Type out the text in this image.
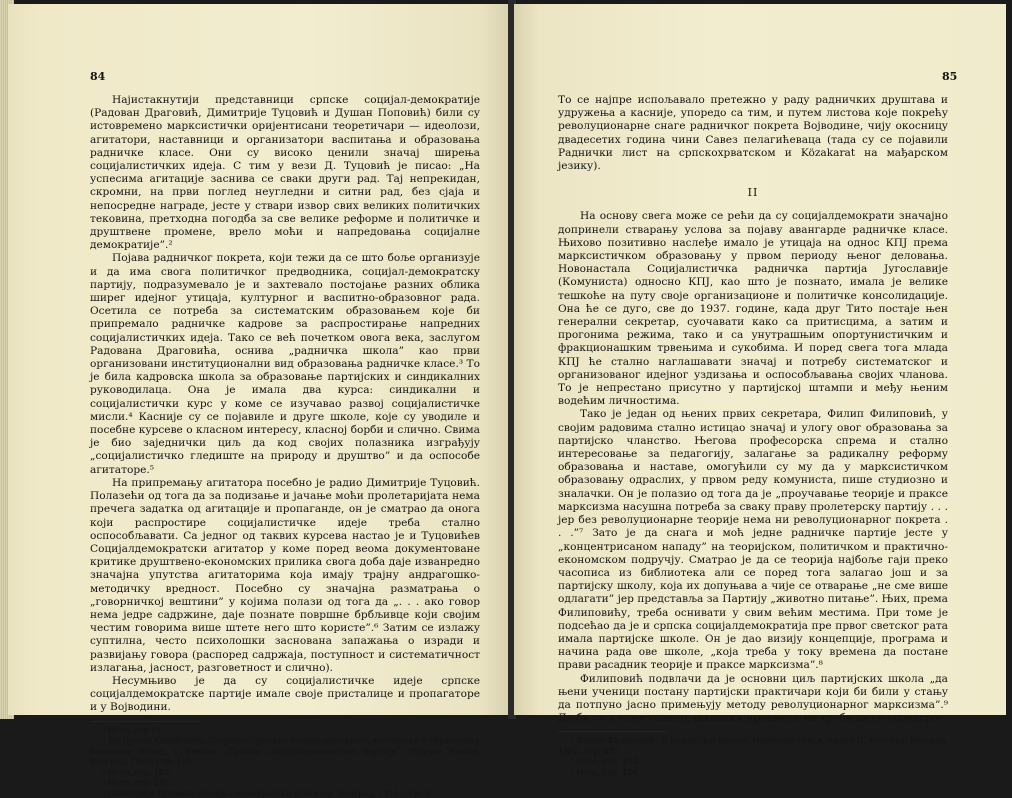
84

Најистакнутији представници српске социјал-демократије (Радован Драговић, Димитрије Туцовић и Душан Поповић) били су истовремено марксистички оријентисани теоретичари — идеолози, агитатори, наставници и организатори васпитања и образовања радничке класе. Они су високо ценили значај ширења социјалистичких идеја. С тим у вези Д. Туцовић је писао: „На успесима агитације заснива се сваки други рад. Тај непрекидан, скромни, на први поглед неугледни и ситни рад, без сјаја и непосредне награде, јесте у ствари извор свих великих политичких тековина, претходна погодба за све велике реформе и политичке и друштвене промене, врело моћи и напредовања социјалне демократије”.²

Појава радничког покрета, који тежи да се што боље организује и да има свога политичког предводника, социјал-демократску партију, подразумевало је и захтевало постојање разних облика ширег идејног утицаја, културног и васпитно-образовног рада. Осетила се потреба за систематским образовањем које би припремало радничке кадрове за распростирање напредних социјалистичких идеја. Тако се већ почетком овога века, заслугом Радована Драговића, оснива „радничка школа” као први организовани институционални вид образовања радничке класе.³ То је била кадровска школа за образовање партијских и синдикалних руководилаца. Она је имала два курса: синдикални и социјалистички курс у коме се изучавао развој социјалистичке мисли.⁴ Касније су се појавиле и друге школе, које су уводиле и посебне курсеве о класном интересу, класној борби и слично. Свима је био заједнички циљ да код својих полазника изграђују „социјалистичко гледиште на природу и друштво” и да оспособе агитаторе.⁵

На припремању агитатора посебно је радио Димитрије Туцовић. Полазећи од тога да за подизање и јачање моћи пролетаријата нема пречега задатка од агитације и пропаганде, он је сматрао да онога који распростире социјалистичке идеје треба стално оспособљавати. Са једног од таквих курсева настао је и Туцовићев Социјалдемократски агитатор у коме поред веома документованe критике друштвено-економских прилика свога доба даје изванредно значајна упутства агитаторима која имају трајну андрагошко-методичку вредност. Посебно су значајна разматрања о „говорничкој вештини” у којима полази од тога да „. . . ако говор нема једре садржине, даје познате површне брбљивце који својим честим говорима више штете него што користе”.⁶ Затим се излажу суптилна, често психолошки заснована запажања о изради и развијању говора (распоред садржаја, поступност и систематичност излагања, јасност, разговетност и слично).

Несумњиво је да су социјалистичке идеје српске социјалдемократске партије имале своје присталице и пропагаторе и у Војводини.

² Исто, стр VI.
³ Др Душан Савићевић: Допринос српских социјалдемократа васпитању и образовању радничке класе, у књизи: „Српска социјалдемократска партија”, Научна књига, Београд, 1965, стр, 178.
⁴ Исто, стр. 183.
⁵ Исто, стр. 185.
⁶ Димитрије Туцовић: Социјал-демократски агитатор, Београд, 1911, стр. 8.
85

То се најпре испољавало претежно у раду радничких друштава и удружења а касније, упоредо са тим, и путем листова које покрећу револуционарне снаге радничког покрета Војводине, чију окосницу двадесетих година чини Савез пелагићеваца (тада су се појавили Раднички лист на српскохрватском и Közakarat на мађарском језику).

II

На основу свега може се рећи да су социјалдемократи значајно допринели стварању услова за појаву авангарде радничке класе. Њихово позитивно наслеђе имало је утицаја на однос КПЈ према марксистичком образовању у првом периоду њеног деловања. Новонастала Социјалистичка радничка партија Југославије (Комуниста) односно КПЈ, као што је познато, имала је велике тешкоће на путу своје организационе и политичке консолидације. Она ће се дуго, све до 1937. године, када друг Тито постаје њен генерални секретар, суочавати како са притисцима, а затим и прогонима режима, тако и са унутрашњим опортунистичким и фракционашким трвењима и сукобима. И поред свега тога млада КПЈ ће стално наглашавати значај и потребу систематског и организованог идејног уздизања и оспособљавања својих чланова. То је непрестано присутно у партијској штампи и међу њеним водећим личностима.

Тако је један од њених првих секретара, Филип Филиповић, у својим радовима стално истицао значај и улогу овог образовања за партијско чланство. Његова професорска спрема и стално интересовање за педагогију, залагање за радикалну реформу образовања и наставе, омогућили су му да у марксистичком образовању одраслих, у првом реду комуниста, пише студиозно и зналачки. Он је полазио од тога да је „проучавање теорије и праксе марксизма насушна потреба за сваку праву пролетерску партију . . . јер без револуционарне теорије нема ни револуционарног покрета . . .”⁷ Зато је да снага и моћ једне радничке партије јесте у „концентрисаном нападу” на теоријском, политичком и практично-економском подручју. Сматрао је да се теорија најбоље гаји преко часописа из библиотека али се поред тога залагао још и за партијску школу, која их допуњава а чије се отварање „не сме више одлагати” јер представља за Партију „животно питање”. Њих, према Филиповићу, треба оснивати у свим већим местима. При томе је подсећао да је и српска социјалдемократија пре првог светског рата имала партијске школе. Он је дао визију концепције, програма и начина рада ове школе, „која треба у току времена да постане прави расадник теорије и праксе марксизма”.⁸

Филиповић подвлачи да је основни циљ партијских школа „да њени ученици постану партијски практичари који би били у стању да потпуно јасно примењују методу револуционарног марксизма”.⁹ Да би се у томе успело, школски предмети не треба да се усредсре-

⁷ Филип Филиповић: О партијској школи, Изабрани списи, књига II, Култура, Београд, 1962, стр. 472.
⁸ Исто, стр. 474.
⁹ Исто, стр. 476.
